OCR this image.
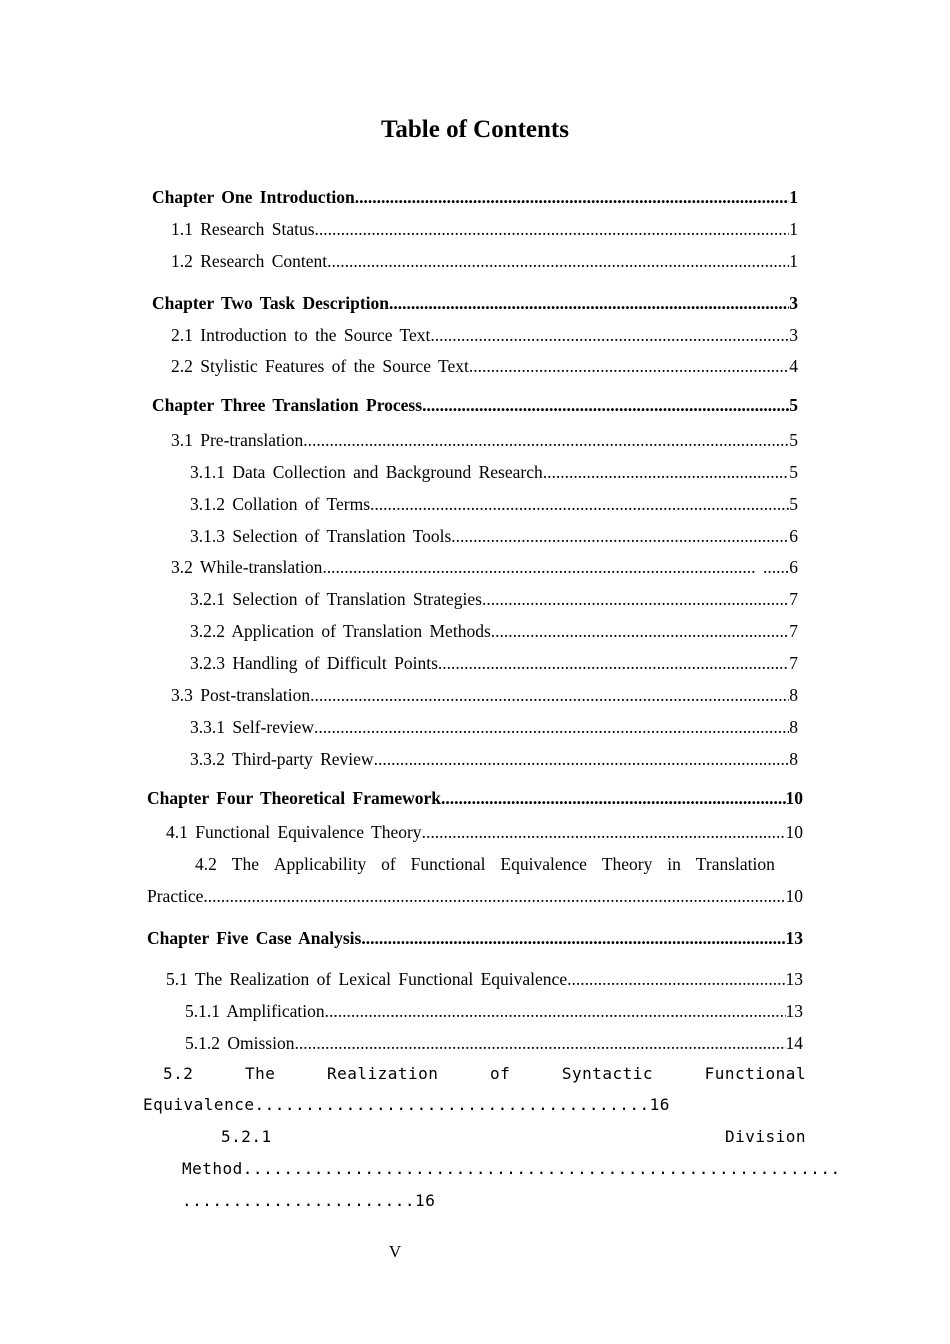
Table of Contents
Chapter One Introduction .....	1
1.1 Research Status .....	1
1.2 Research Content .....	1
Chapter Two Task Description .....	3
2.1 Introduction to the Source Text .....	3
2.2 Stylistic Features of the Source Text .....	4
Chapter Three Translation Process .....	5
3.1 Pre-translation .....	5
3.1.1 Data Collection and Background Research .....	5
3.1.2 Collation of Terms .....	5
3.1.3 Selection of Translation Tools .....	6
3.2 While-translation .....	......6
3.2.1 Selection of Translation Strategies .....	7
3.2.2 Application of Translation Methods .....	7
3.2.3 Handling of Difficult Points .....	7
3.3 Post-translation .....	8
3.3.1 Self-review .....	8
3.3.2 Third-party Review .....	8
Chapter Four Theoretical Framework .....	10
4.1 Functional Equivalence Theory .....	10
4.2 The Applicability of Functional Equivalence Theory in Translation
Practice .....	10
Chapter Five Case Analysis .....	13
5.1 The Realization of Lexical Functional Equivalence .....	13
5.1.1 Amplification .....	13
5.1.2 Omission .....	14
5.2	The	Realization	of	Syntactic	Functional
Equivalence.......................................16
5.2.1	Division
Method...........................................................
.......................16
V
